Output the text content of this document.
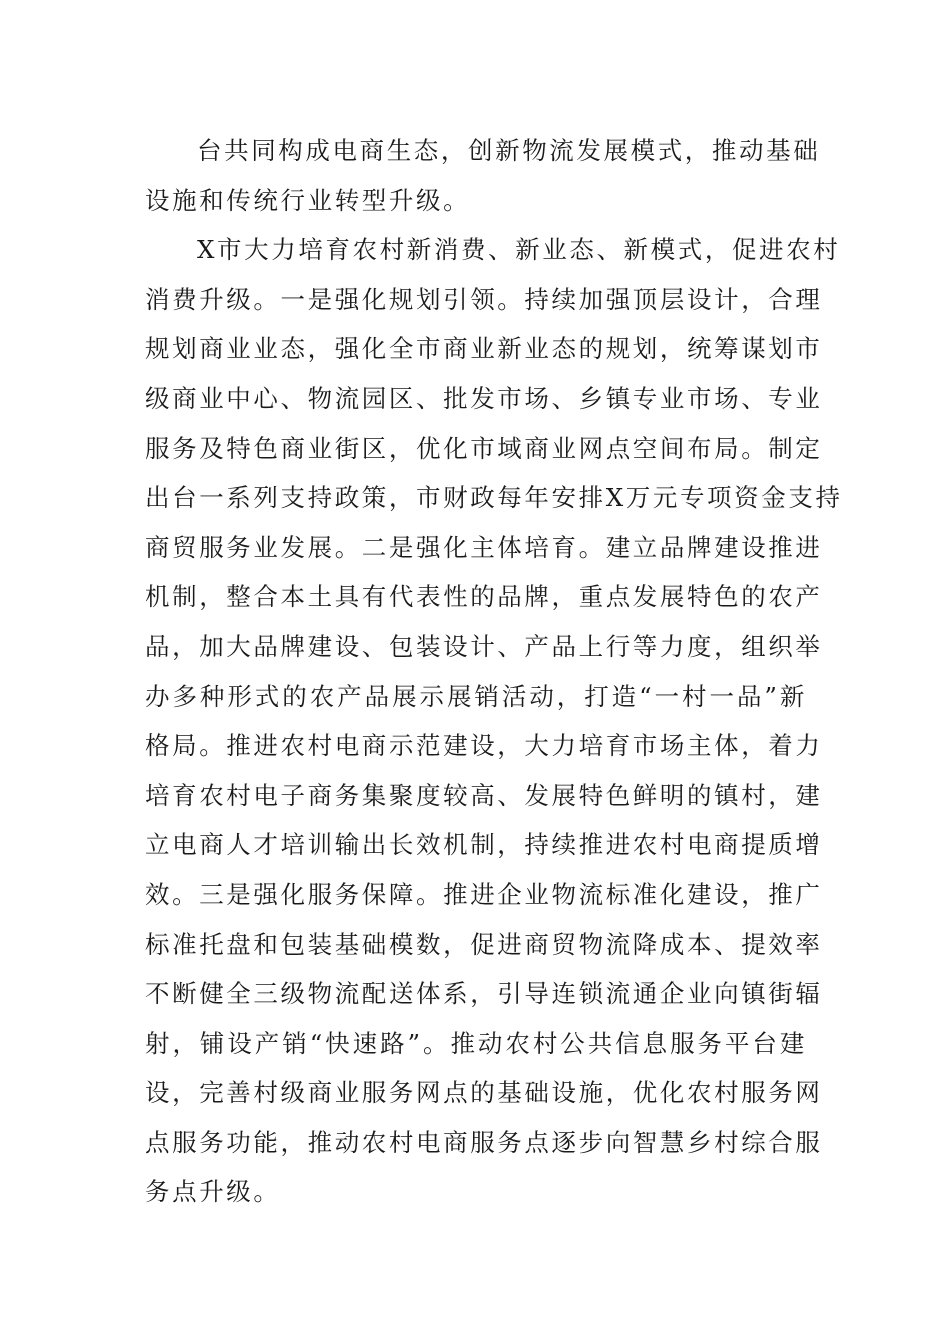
台共同构成电商生态，创新物流发展模式，推动基础
设施和传统行业转型升级。
X市大力培育农村新消费、新业态、新模式，促进农村
消费升级。一是强化规划引领。持续加强顶层设计，合理
规划商业业态，强化全市商业新业态的规划，统筹谋划市
级商业中心、物流园区、批发市场、乡镇专业市场、专业
服务及特色商业街区，优化市域商业网点空间布局。制定
出台一系列支持政策，市财政每年安排X万元专项资金支持
商贸服务业发展。二是强化主体培育。建立品牌建设推进
机制，整合本土具有代表性的品牌，重点发展特色的农产
品，加大品牌建设、包装设计、产品上行等力度，组织举
办多种形式的农产品展示展销活动，打造“一村一品”新
格局。推进农村电商示范建设，大力培育市场主体，着力
培育农村电子商务集聚度较高、发展特色鲜明的镇村，建
立电商人才培训输出长效机制，持续推进农村电商提质增
效。三是强化服务保障。推进企业物流标准化建设，推广
标准托盘和包装基础模数，促进商贸物流降成本、提效率
不断健全三级物流配送体系，引导连锁流通企业向镇街辐
射，铺设产销“快速路”。推动农村公共信息服务平台建
设，完善村级商业服务网点的基础设施，优化农村服务网
点服务功能，推动农村电商服务点逐步向智慧乡村综合服
务点升级。
